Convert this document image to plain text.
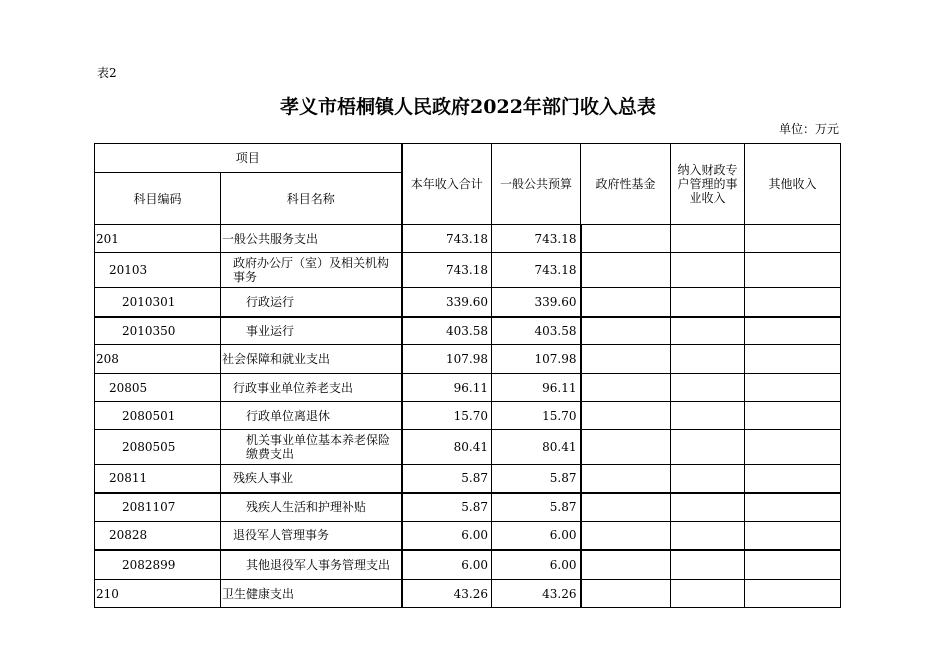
表2
孝义市梧桐镇人民政府2022年部门收入总表
单位：万元
项目		本年收入合计	一般公共预算	政府性基金	纳入财政专户管理的事业收入	其他收入
科目编码	科目名称					
201	一般公共服务支出	743.18	743.18			
20103	政府办公厅（室）及相关机构事务	743.18	743.18			
2010301	行政运行	339.60	339.60			
2010350	事业运行	403.58	403.58			
208	社会保障和就业支出	107.98	107.98			
20805	行政事业单位养老支出	96.11	96.11			
2080501	行政单位离退休	15.70	15.70			
2080505	机关事业单位基本养老保险缴费支出	80.41	80.41			
20811	残疾人事业	5.87	5.87			
2081107	残疾人生活和护理补贴	5.87	5.87			
20828	退役军人管理事务	6.00	6.00			
2082899	其他退役军人事务管理支出	6.00	6.00			
210	卫生健康支出	43.26	43.26			
